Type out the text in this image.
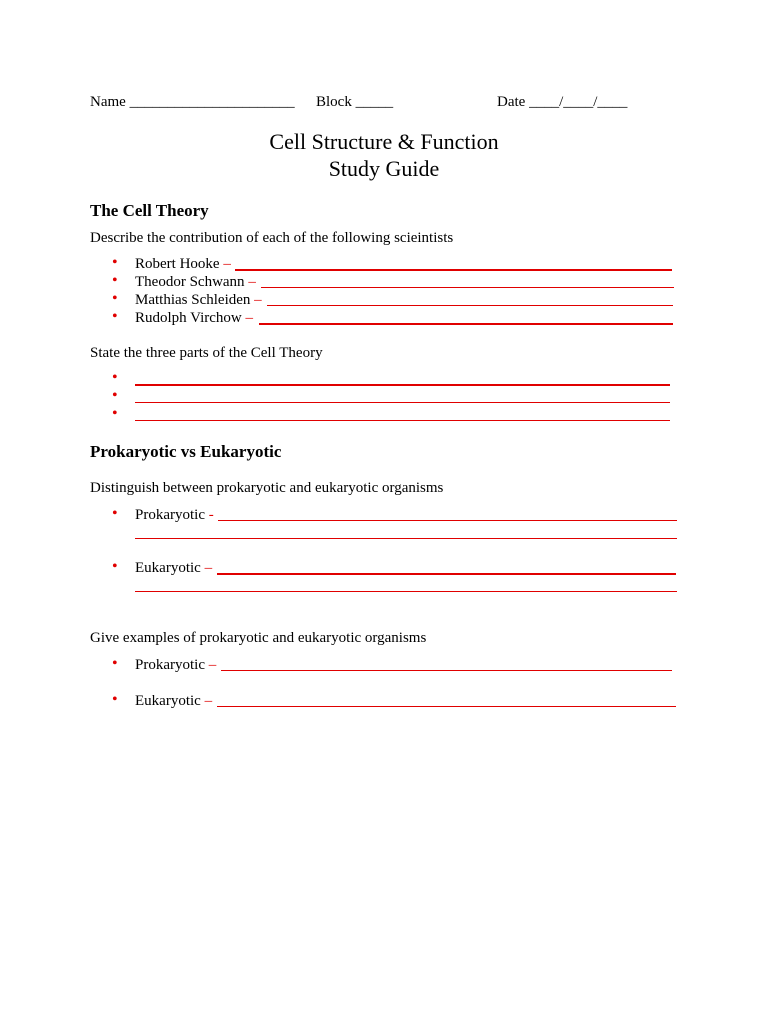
Name ______________________ Block _____	Date ____/____/____
Cell Structure & Function
Study Guide
The Cell Theory
Describe the contribution of each of the following scieintists
• Robert Hooke –
• Theodor Schwann –
• Matthias Schleiden –
• Rudolph Virchow –
State the three parts of the Cell Theory
•
•
•
Prokaryotic vs Eukaryotic
Distinguish between prokaryotic and eukaryotic organisms
• Prokaryotic -
• Eukaryotic –
Give examples of prokaryotic and eukaryotic organisms
• Prokaryotic –
• Eukaryotic –
